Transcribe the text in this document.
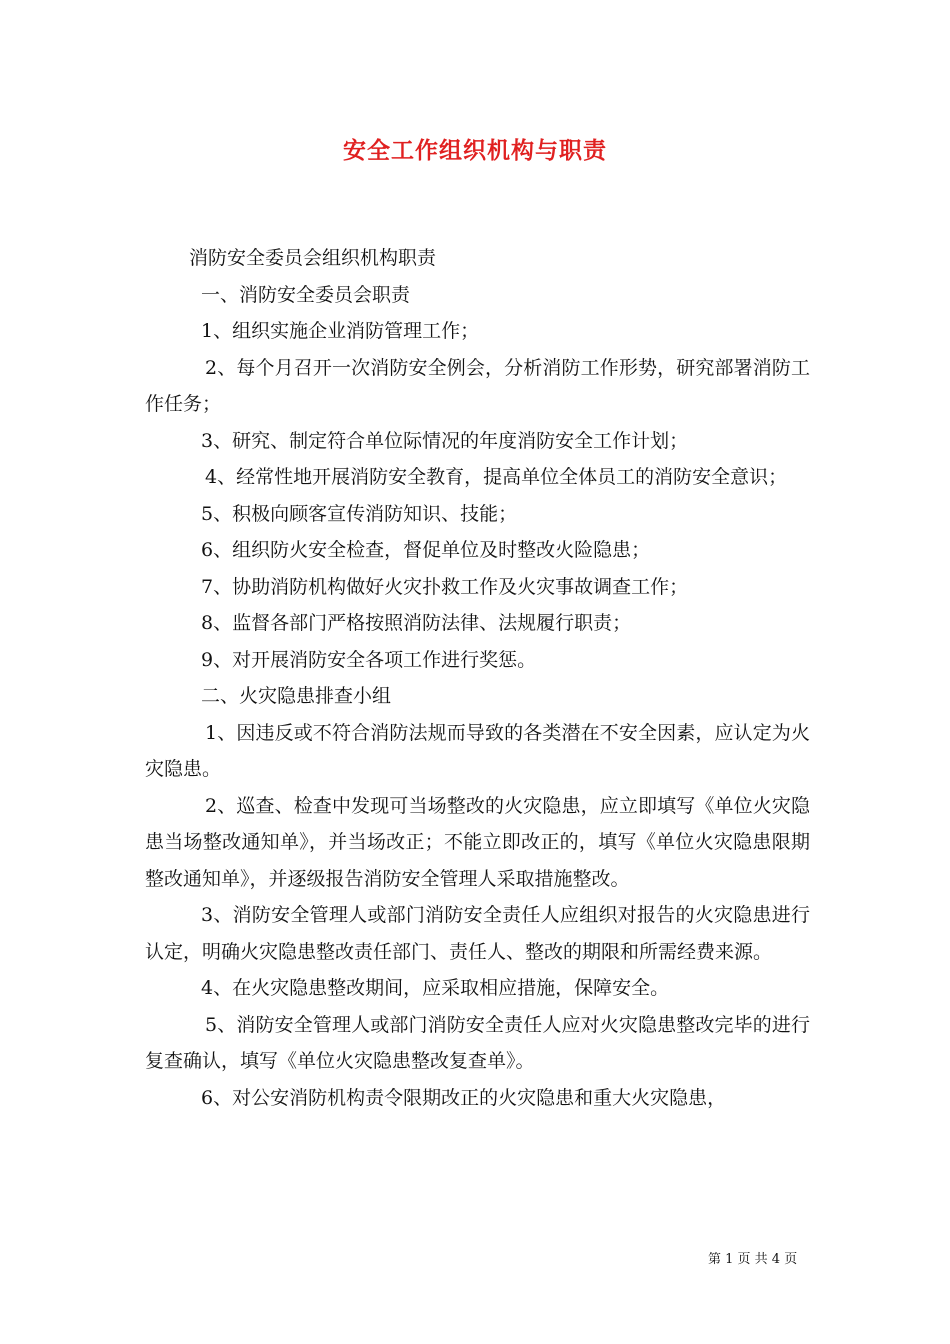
安全工作组织机构与职责

消防安全委员会组织机构职责

一、消防安全委员会职责

1、组织实施企业消防管理工作；

2、每个月召开一次消防安全例会，分析消防工作形势，研究部署消防工作任务；

3、研究、制定符合单位际情况的年度消防安全工作计划；

4、经常性地开展消防安全教育，提高单位全体员工的消防安全意识；

5、积极向顾客宣传消防知识、技能；

6、组织防火安全检查，督促单位及时整改火险隐患；

7、协助消防机构做好火灾扑救工作及火灾事故调查工作；

8、监督各部门严格按照消防法律、法规履行职责；

9、对开展消防安全各项工作进行奖惩。

二、火灾隐患排查小组

1、因违反或不符合消防法规而导致的各类潜在不安全因素，应认定为火灾隐患。

2、巡查、检查中发现可当场整改的火灾隐患，应立即填写《单位火灾隐患当场整改通知单》，并当场改正；不能立即改正的，填写《单位火灾隐患限期整改通知单》，并逐级报告消防安全管理人采取措施整改。

3、消防安全管理人或部门消防安全责任人应组织对报告的火灾隐患进行认定，明确火灾隐患整改责任部门、责任人、整改的期限和所需经费来源。

4、在火灾隐患整改期间，应采取相应措施，保障安全。

5、消防安全管理人或部门消防安全责任人应对火灾隐患整改完毕的进行复查确认，填写《单位火灾隐患整改复查单》。

6、对公安消防机构责令限期改正的火灾隐患和重大火灾隐患，

第 1 页 共 4 页
